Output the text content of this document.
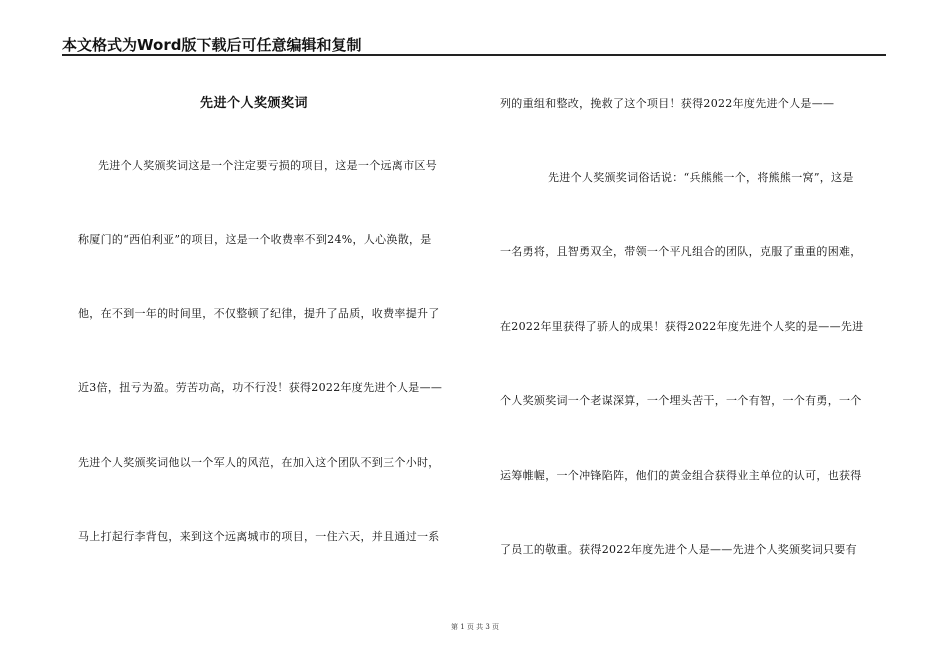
本文格式为Word版下载后可任意编辑和复制
先进个人奖颁奖词
先进个人奖颁奖词这是一个注定要亏损的项目，这是一个远离市区号
称厦门的“西伯利亚”的项目，这是一个收费率不到24%，人心涣散，是
他，在不到一年的时间里，不仅整顿了纪律，提升了品质，收费率提升了
近3倍，扭亏为盈。劳苦功高，功不行没！获得2022年度先进个人是——
先进个人奖颁奖词他以一个军人的风范，在加入这个团队不到三个小时，
马上打起行李背包，来到这个远离城市的项目，一住六天，并且通过一系
列的重组和整改，挽救了这个项目！获得2022年度先进个人是——
先进个人奖颁奖词俗话说：“兵熊熊一个，将熊熊一窝”，这是
一名勇将，且智勇双全，带领一个平凡组合的团队，克服了重重的困难，
在2022年里获得了骄人的成果！获得2022年度先进个人奖的是——先进
个人奖颁奖词一个老谋深算，一个埋头苦干，一个有智，一个有勇，一个
运筹帷幄，一个冲锋陷阵，他们的黄金组合获得业主单位的认可，也获得
了员工的敬重。获得2022年度先进个人是——先进个人奖颁奖词只要有
第 1 页 共 3 页
